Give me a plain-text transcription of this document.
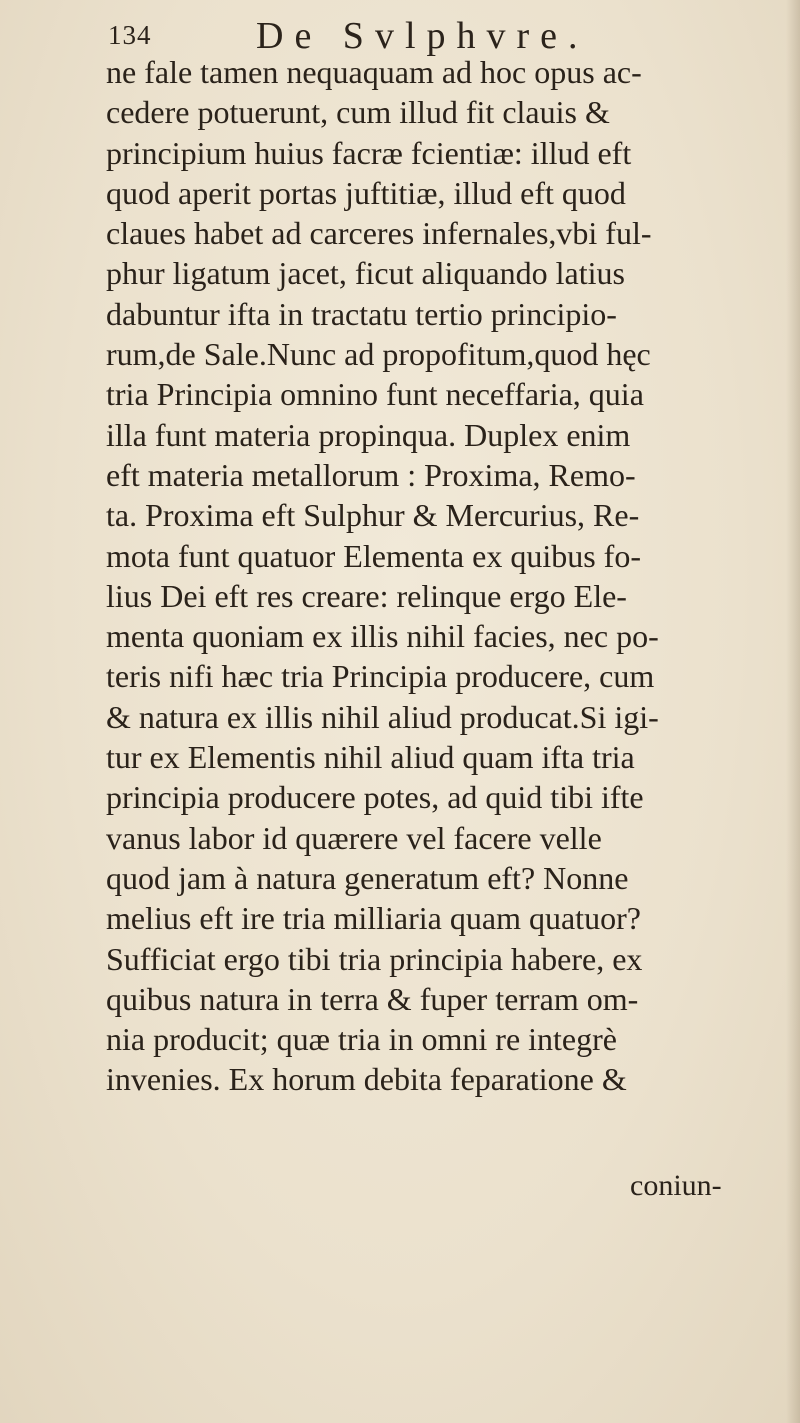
134	De Svlphvre.
ne fale tamen nequaquam ad hoc opus ac-
cedere potuerunt, cum illud fit clauis &
principium huius facræ fcientiæ: illud eft
quod aperit portas juftitiæ, illud eft quod
claues habet ad carceres infernales,vbi ful-
phur ligatum jacet, ficut aliquando latius
dabuntur ifta in tractatu tertio principio-
rum,de Sale.Nunc ad propofitum,quod hęc
tria Principia omnino funt neceffaria, quia
illa funt materia propinqua. Duplex enim
eft materia metallorum : Proxima, Remo-
ta. Proxima eft Sulphur & Mercurius, Re-
mota funt quatuor Elementa ex quibus fo-
lius Dei eft res creare: relinque ergo Ele-
menta quoniam ex illis nihil facies, nec po-
teris nifi hæc tria Principia producere, cum
& natura ex illis nihil aliud producat.Si igi-
tur ex Elementis nihil aliud quam ifta tria
principia producere potes, ad quid tibi ifte
vanus labor id quærere vel facere velle
quod jam à natura generatum eft? Nonne
melius eft ire tria milliaria quam quatuor?
Sufficiat ergo tibi tria principia habere, ex
quibus natura in terra & fuper terram om-
nia producit; quæ tria in omni re integrè
invenies. Ex horum debita feparatione &
coniun-
